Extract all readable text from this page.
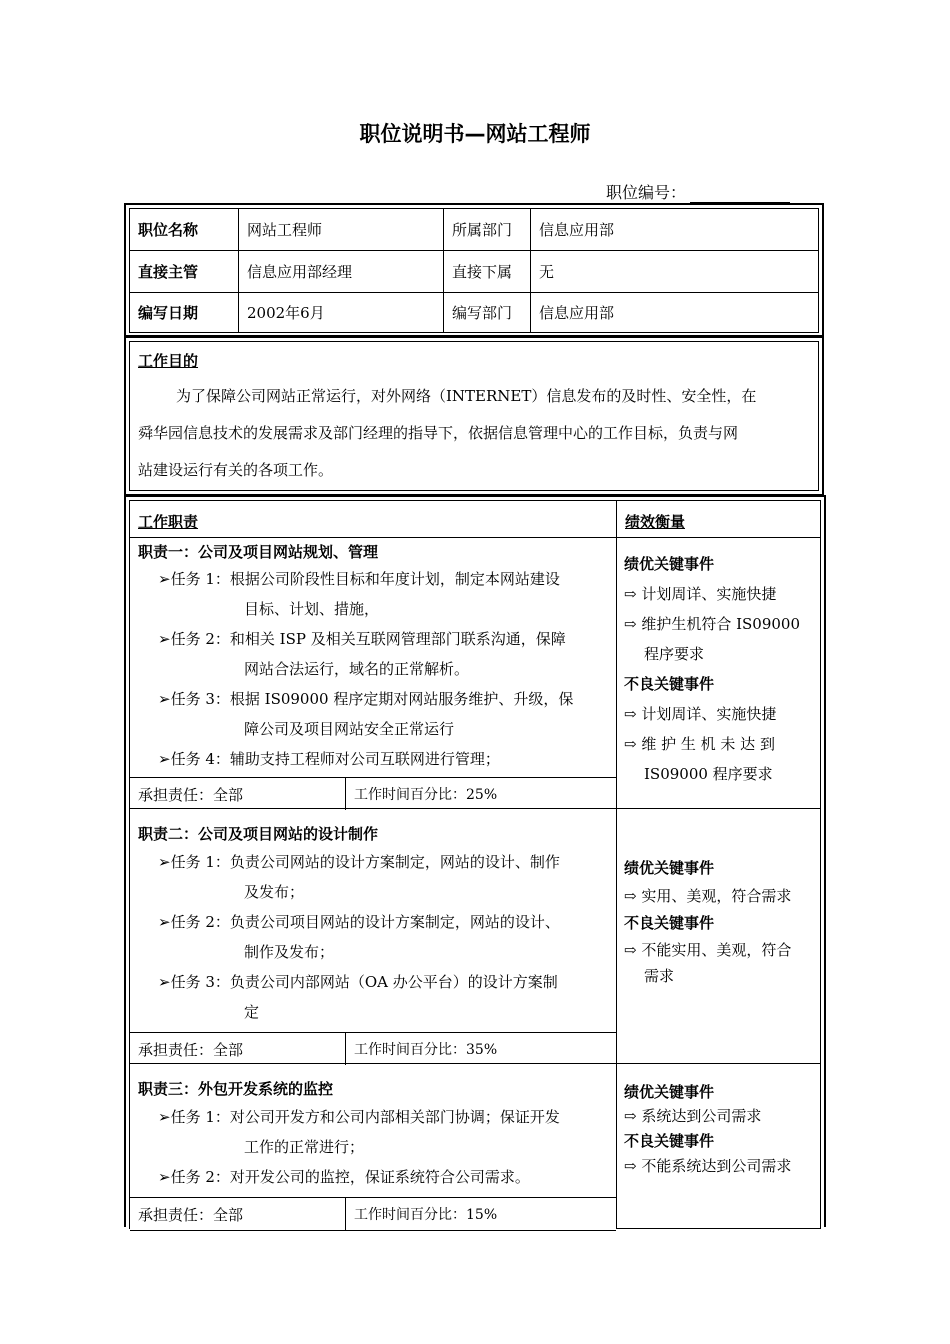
职位说明书—网站工程师
职位编号：
职位名称	网站工程师	所属部门	信息应用部
直接主管	信息应用部经理	直接下属	无
编写日期	2002年6月	编写部门	信息应用部
工作目的
为了保障公司网站正常运行，对外网络（INTERNET）信息发布的及时性、安全性，在
舜华园信息技术的发展需求及部门经理的指导下，依据信息管理中心的工作目标，负责与网
站建设运行有关的各项工作。
工作职责	绩效衡量
职责一：公司及项目网站规划、管理
➢任务 1：根据公司阶段性目标和年度计划，制定本网站建设
目标、计划、措施，
➢任务 2：和相关 ISP 及相关互联网管理部门联系沟通，保障
网站合法运行，域名的正常解析。
➢任务 3：根据 IS09000 程序定期对网站服务维护、升级，保
障公司及项目网站安全正常运行
➢任务 4：辅助支持工程师对公司互联网进行管理；
承担责任：全部	工作时间百分比：25%
绩优关键事件
⇨ 计划周详、实施快捷
⇨ 维护生机符合 IS09000
程序要求
不良关键事件
⇨ 计划周详、实施快捷
⇨ 维 护 生 机 未 达 到
IS09000 程序要求
职责二：公司及项目网站的设计制作
➢任务 1：负责公司网站的设计方案制定，网站的设计、制作
及发布；
➢任务 2：负责公司项目网站的设计方案制定，网站的设计、
制作及发布；
➢任务 3：负责公司内部网站（OA 办公平台）的设计方案制
定
承担责任：全部	工作时间百分比：35%
绩优关键事件
⇨ 实用、美观，符合需求
不良关键事件
⇨ 不能实用、美观，符合
需求
职责三：外包开发系统的监控
➢任务 1：对公司开发方和公司内部相关部门协调；保证开发
工作的正常进行；
➢任务 2：对开发公司的监控，保证系统符合公司需求。
承担责任：全部	工作时间百分比：15%
绩优关键事件
⇨ 系统达到公司需求
不良关键事件
⇨ 不能系统达到公司需求
